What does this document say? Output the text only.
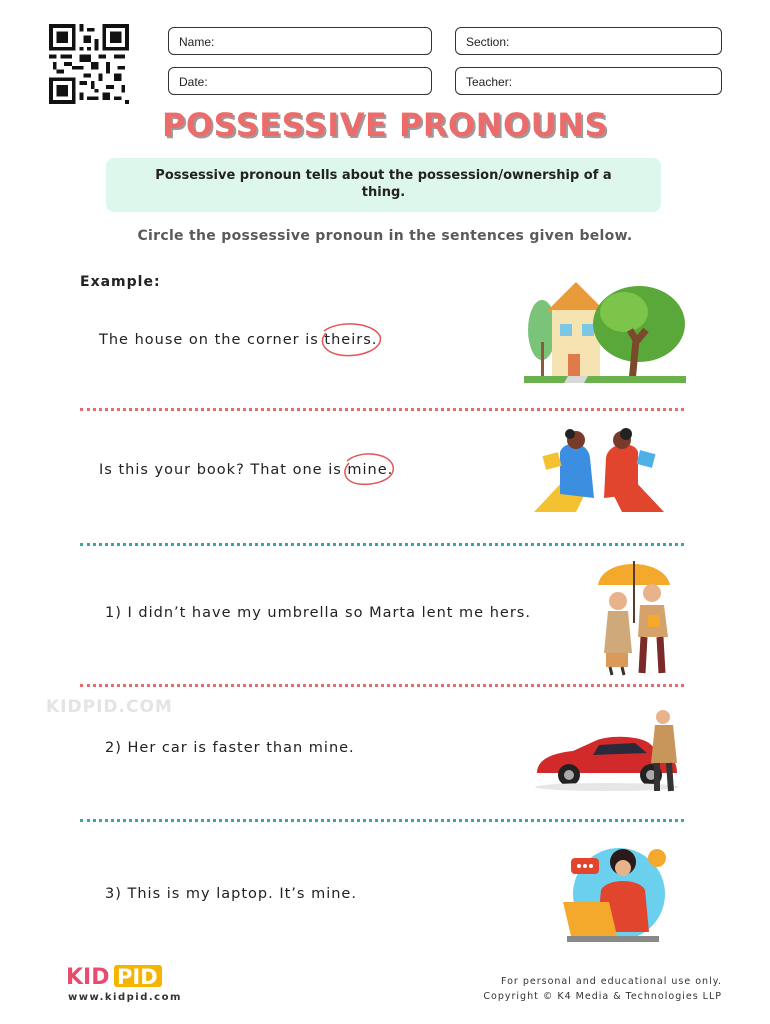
Name:	Section:
Date:	Teacher:
POSSESSIVE PRONOUNS
Possessive pronoun tells about the possession/ownership of a thing.
Circle the possessive pronoun in the sentences given below.
Example:
The house on the corner is
theirs.
Is this your book? That one is
mine.
1) I didn’t have my umbrella so Marta lent me hers.
KIDPID.COM
2) Her car is faster than mine.
3) This is my laptop. It’s mine.
KID PID
www.kidpid.com
For personal and educational use only.
Copyright © K4 Media & Technologies LLP
